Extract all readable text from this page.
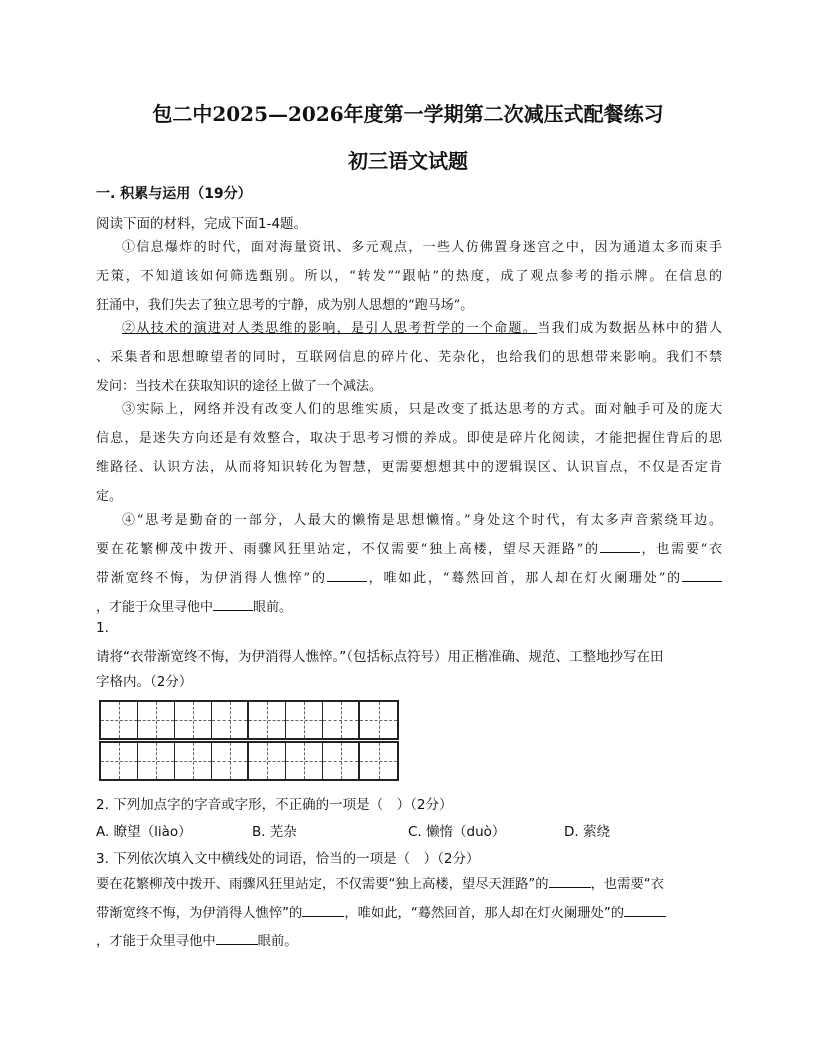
包二中2025—2026年度第一学期第二次减压式配餐练习
初三语文试题
一. 积累与运用（19分）
阅读下面的材料，完成下面1-4题。
①信息爆炸的时代，面对海量资讯、多元观点，一些人仿佛置身迷宫之中，因为通道太多而束手
无策，不知道该如何筛选甄别。所以，“转发”“跟帖”的热度，成了观点参考的指示牌。在信息的
狂涌中，我们失去了独立思考的宁静，成为别人思想的“跑马场”。
②从技术的演进对人类思维的影响，是引人思考哲学的一个命题。当我们成为数据丛林中的猎人
、采集者和思想瞭望者的同时，互联网信息的碎片化、芜杂化，也给我们的思想带来影响。我们不禁
发问：当技术在获取知识的途径上做了一个减法。
③实际上，网络并没有改变人们的思维实质，只是改变了抵达思考的方式。面对触手可及的庞大
信息，是迷失方向还是有效整合，取决于思考习惯的养成。即使是碎片化阅读，才能把握住背后的思
维路径、认识方法，从而将知识转化为智慧，更需要想想其中的逻辑误区、认识盲点，不仅是否定肯
定。
④“思考是勤奋的一部分，人最大的懒惰是思想懒惰。”身处这个时代，有太多声音萦绕耳边。
要在花繁柳茂中拨开、雨骤风狂里站定，不仅需要“独上高楼，望尽天涯路”的	，也需要“衣
带渐宽终不悔，为伊消得人憔悴”的	，唯如此，“蓦然回首，那人却在灯火阑珊处”的
，才能于众里寻他中	眼前。
1.
请将“衣带渐宽终不悔，为伊消得人憔悴。”（包括标点符号）用正楷准确、规范、工整地抄写在田
字格内。（2分）
2. 下列加点字的字音或字形，不正确的一项是（　）（2分）
A. 瞭望（liào）	B. 芜杂	C. 懒惰（duò）	D. 萦绕
3. 下列依次填入文中横线处的词语，恰当的一项是（　）（2分）
要在花繁柳茂中拨开、雨骤风狂里站定，不仅需要“独上高楼，望尽天涯路”的	，也需要“衣
带渐宽终不悔，为伊消得人憔悴”的	，唯如此，“蓦然回首，那人却在灯火阑珊处”的
，才能于众里寻他中	眼前。
